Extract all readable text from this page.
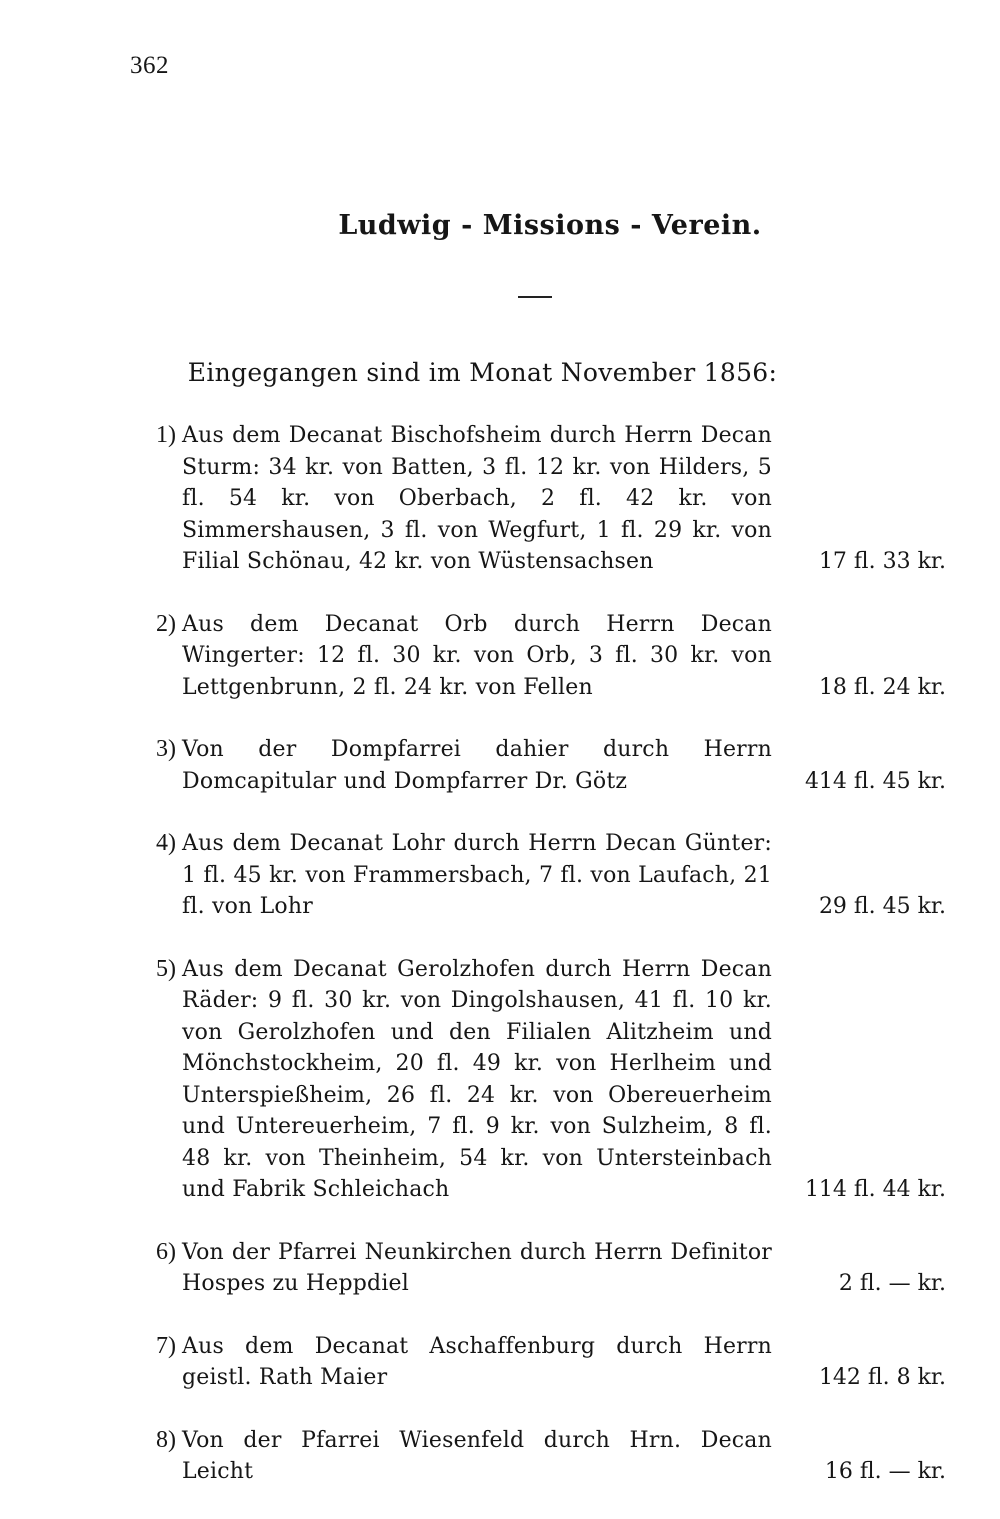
362
Ludwig - Missions - Verein.
Eingegangen sind im Monat November 1856:
1) Aus dem Decanat Bischofsheim durch Herrn Decan Sturm: 34 kr. von Batten, 3 fl. 12 kr. von Hilders, 5 fl. 54 kr. von Oberbach, 2 fl. 42 kr. von Simmershausen, 3 fl. von Wegfurt, 1 fl. 29 kr. von Filial Schönau, 42 kr. von Wüstensachsen	17 fl. 33 kr.
2) Aus dem Decanat Orb durch Herrn Decan Wingerter: 12 fl. 30 kr. von Orb, 3 fl. 30 kr. von Lettgenbrunn, 2 fl. 24 kr. von Fellen	18 fl. 24 kr.
3) Von der Dompfarrei dahier durch Herrn Domcapitular und Dompfarrer Dr. Götz	414 fl. 45 kr.
4) Aus dem Decanat Lohr durch Herrn Decan Günter: 1 fl. 45 kr. von Frammersbach, 7 fl. von Laufach, 21 fl. von Lohr	29 fl. 45 kr.
5) Aus dem Decanat Gerolzhofen durch Herrn Decan Räder: 9 fl. 30 kr. von Dingolshausen, 41 fl. 10 kr. von Gerolzhofen und den Filialen Alitzheim und Mönchstockheim, 20 fl. 49 kr. von Herlheim und Unterspießheim, 26 fl. 24 kr. von Obereuerheim und Untereuerheim, 7 fl. 9 kr. von Sulzheim, 8 fl. 48 kr. von Theinheim, 54 kr. von Untersteinbach und Fabrik Schleichach	114 fl. 44 kr.
6) Von der Pfarrei Neunkirchen durch Herrn Definitor Hospes zu Heppdiel	2 fl. — kr.
7) Aus dem Decanat Aschaffenburg durch Herrn geistl. Rath Maier	142 fl. 8 kr.
8) Von der Pfarrei Wiesenfeld durch Hrn. Decan Leicht	16 fl. — kr.
